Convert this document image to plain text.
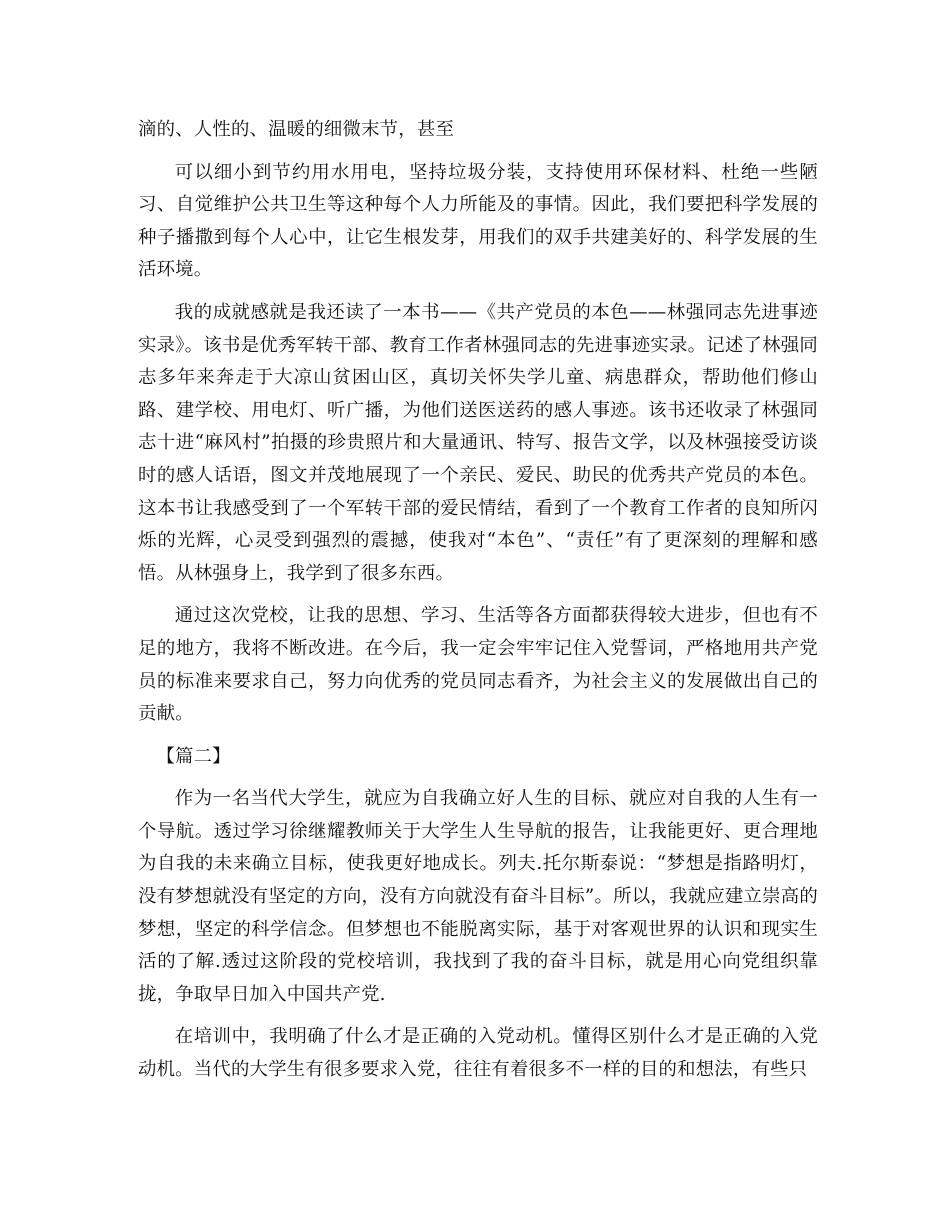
滴的、人性的、温暖的细微末节，甚至

可以细小到节约用水用电，坚持垃圾分装，支持使用环保材料、杜绝一些陋习、自觉维护公共卫生等这种每个人力所能及的事情。因此，我们要把科学发展的种子播撒到每个人心中，让它生根发芽，用我们的双手共建美好的、科学发展的生活环境。

我的成就感就是我还读了一本书——《共产党员的本色——林强同志先进事迹实录》。该书是优秀军转干部、教育工作者林强同志的先进事迹实录。记述了林强同志多年来奔走于大凉山贫困山区，真切关怀失学儿童、病患群众，帮助他们修山路、建学校、用电灯、听广播，为他们送医送药的感人事迹。该书还收录了林强同志十进“麻风村”拍摄的珍贵照片和大量通讯、特写、报告文学，以及林强接受访谈时的感人话语，图文并茂地展现了一个亲民、爱民、助民的优秀共产党员的本色。这本书让我感受到了一个军转干部的爱民情结，看到了一个教育工作者的良知所闪烁的光辉，心灵受到强烈的震撼，使我对“本色”、“责任”有了更深刻的理解和感悟。从林强身上，我学到了很多东西。

通过这次党校，让我的思想、学习、生活等各方面都获得较大进步，但也有不足的地方，我将不断改进。在今后，我一定会牢牢记住入党誓词，严格地用共产党员的标准来要求自己，努力向优秀的党员同志看齐，为社会主义的发展做出自己的贡献。

【篇二】

作为一名当代大学生，就应为自我确立好人生的目标、就应对自我的人生有一个导航。透过学习徐继耀教师关于大学生人生导航的报告，让我能更好、更合理地为自我的未来确立目标，使我更好地成长。列夫.托尔斯泰说：“梦想是指路明灯，没有梦想就没有坚定的方向，没有方向就没有奋斗目标”。所以，我就应建立崇高的梦想，坚定的科学信念。但梦想也不能脱离实际，基于对客观世界的认识和现实生活的了解.透过这阶段的党校培训，我找到了我的奋斗目标，就是用心向党组织靠拢，争取早日加入中国共产党.

在培训中，我明确了什么才是正确的入党动机。懂得区别什么才是正确的入党动机。当代的大学生有很多要求入党，往往有着很多不一样的目的和想法，有些只
